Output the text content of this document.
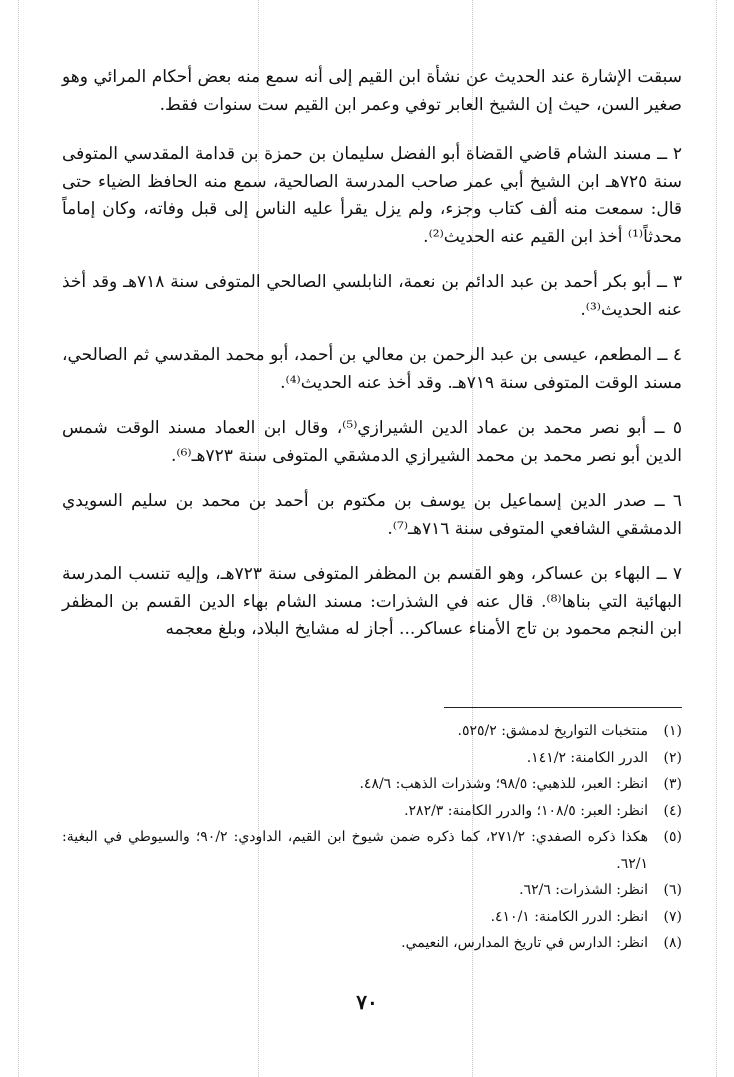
سبقت الإشارة عند الحديث عن نشأة ابن القيم إلى أنه سمع منه بعض أحكام المرائي وهو صغير السن، حيث إن الشيخ العابر توفي وعمر ابن القيم ست سنوات فقط.

٢ ــ مسند الشام قاضي القضاة أبو الفضل سليمان بن حمزة بن قدامة المقدسي المتوفى سنة ٧٢٥هـ ابن الشيخ أبي عمر صاحب المدرسة الصالحية، سمع منه الحافظ الضياء حتى قال: سمعت منه ألف كتاب وجزء، ولم يزل يقرأ عليه الناس إلى قبل وفاته، وكان إماماً محدثاً⁽¹⁾ أخذ ابن القيم عنه الحديث⁽²⁾.

٣ ــ أبو بكر أحمد بن عبد الدائم بن نعمة، النابلسي الصالحي المتوفى سنة ٧١٨هـ وقد أخذ عنه الحديث⁽³⁾.

٤ ــ المطعم، عيسى بن عبد الرحمن بن معالي بن أحمد، أبو محمد المقدسي ثم الصالحي، مسند الوقت المتوفى سنة ٧١٩هـ. وقد أخذ عنه الحديث⁽⁴⁾.

٥ ــ أبو نصر محمد بن عماد الدين الشيرازي⁽⁵⁾، وقال ابن العماد مسند الوقت شمس الدين أبو نصر محمد بن محمد الشيرازي الدمشقي المتوفى سنة ٧٢٣هـ⁽⁶⁾.

٦ ــ صدر الدين إسماعيل بن يوسف بن مكتوم بن أحمد بن محمد بن سليم السويدي الدمشقي الشافعي المتوفى سنة ٧١٦هـ⁽⁷⁾.

٧ ــ البهاء بن عساكر، وهو القسم بن المظفر المتوفى سنة ٧٢٣هـ، وإليه تنسب المدرسة البهائية التي بناها⁽⁸⁾. قال عنه في الشذرات: مسند الشام بهاء الدين القسم بن المظفر ابن النجم محمود بن تاج الأمناء عساكر... أجاز له مشايخ البلاد، وبلغ معجمه

(١)
منتخبات التواريخ لدمشق: ٥٢٥/٢.
(٢)
الدرر الكامنة: ١٤١/٢.
(٣)
انظر: العبر، للذهبي: ٩٨/٥؛ وشذرات الذهب: ٤٨/٦.
(٤)
انظر: العبر: ١٠٨/٥؛ والدرر الكامنة: ٢٨٢/٣.
(٥)
هكذا ذكره الصفدي: ٢٧١/٢، كما ذكره ضمن شيوخ ابن القيم، الداودي: ٩٠/٢؛ والسيوطي في البغية: ٦٢/١.
(٦)
انظر: الشذرات: ٦٢/٦.
(٧)
انظر: الدرر الكامنة: ٤١٠/١.
(٨)
انظر: الدارس في تاريخ المدارس، النعيمي.
٧٠
